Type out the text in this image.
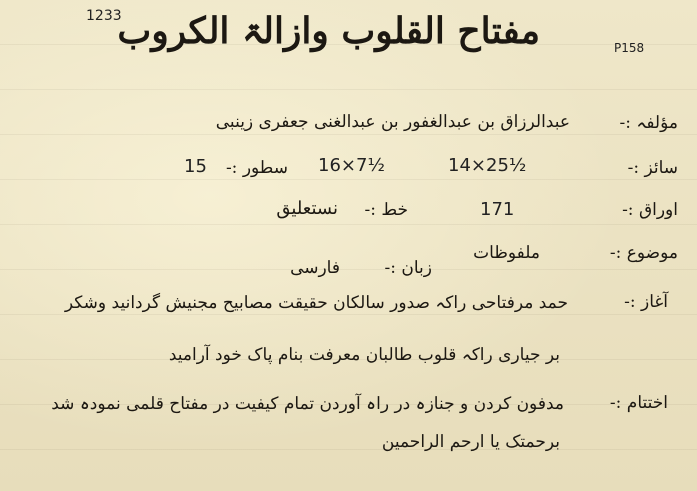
1233
P158
مفتاح القلوب وازالۃ الکروب
مؤلفہ :-
عبدالرزاق بن عبدالغفور بن عبدالغنی جعفری زینبی
سائز :-
14×25½
16×7½
سطور :-
15
اوراق :-
171
خط :-
نستعلیق
موضوع :-
ملفوظات
زبان :-
فارسی
آغاز :-
حمد مرفتاحی راکہ صدور سالکان حقیقت مصابیح مجنیش گردانید وشکر
بر جیاری راکہ قلوب طالبان معرفت بنام پاک خود آرامید
اختتام :-
مدفون کردن و جنازہ در راہ آوردن تمام کیفیت در مفتاح قلمی نمودہ شد
برحمتک یا ارحم الراحمین
